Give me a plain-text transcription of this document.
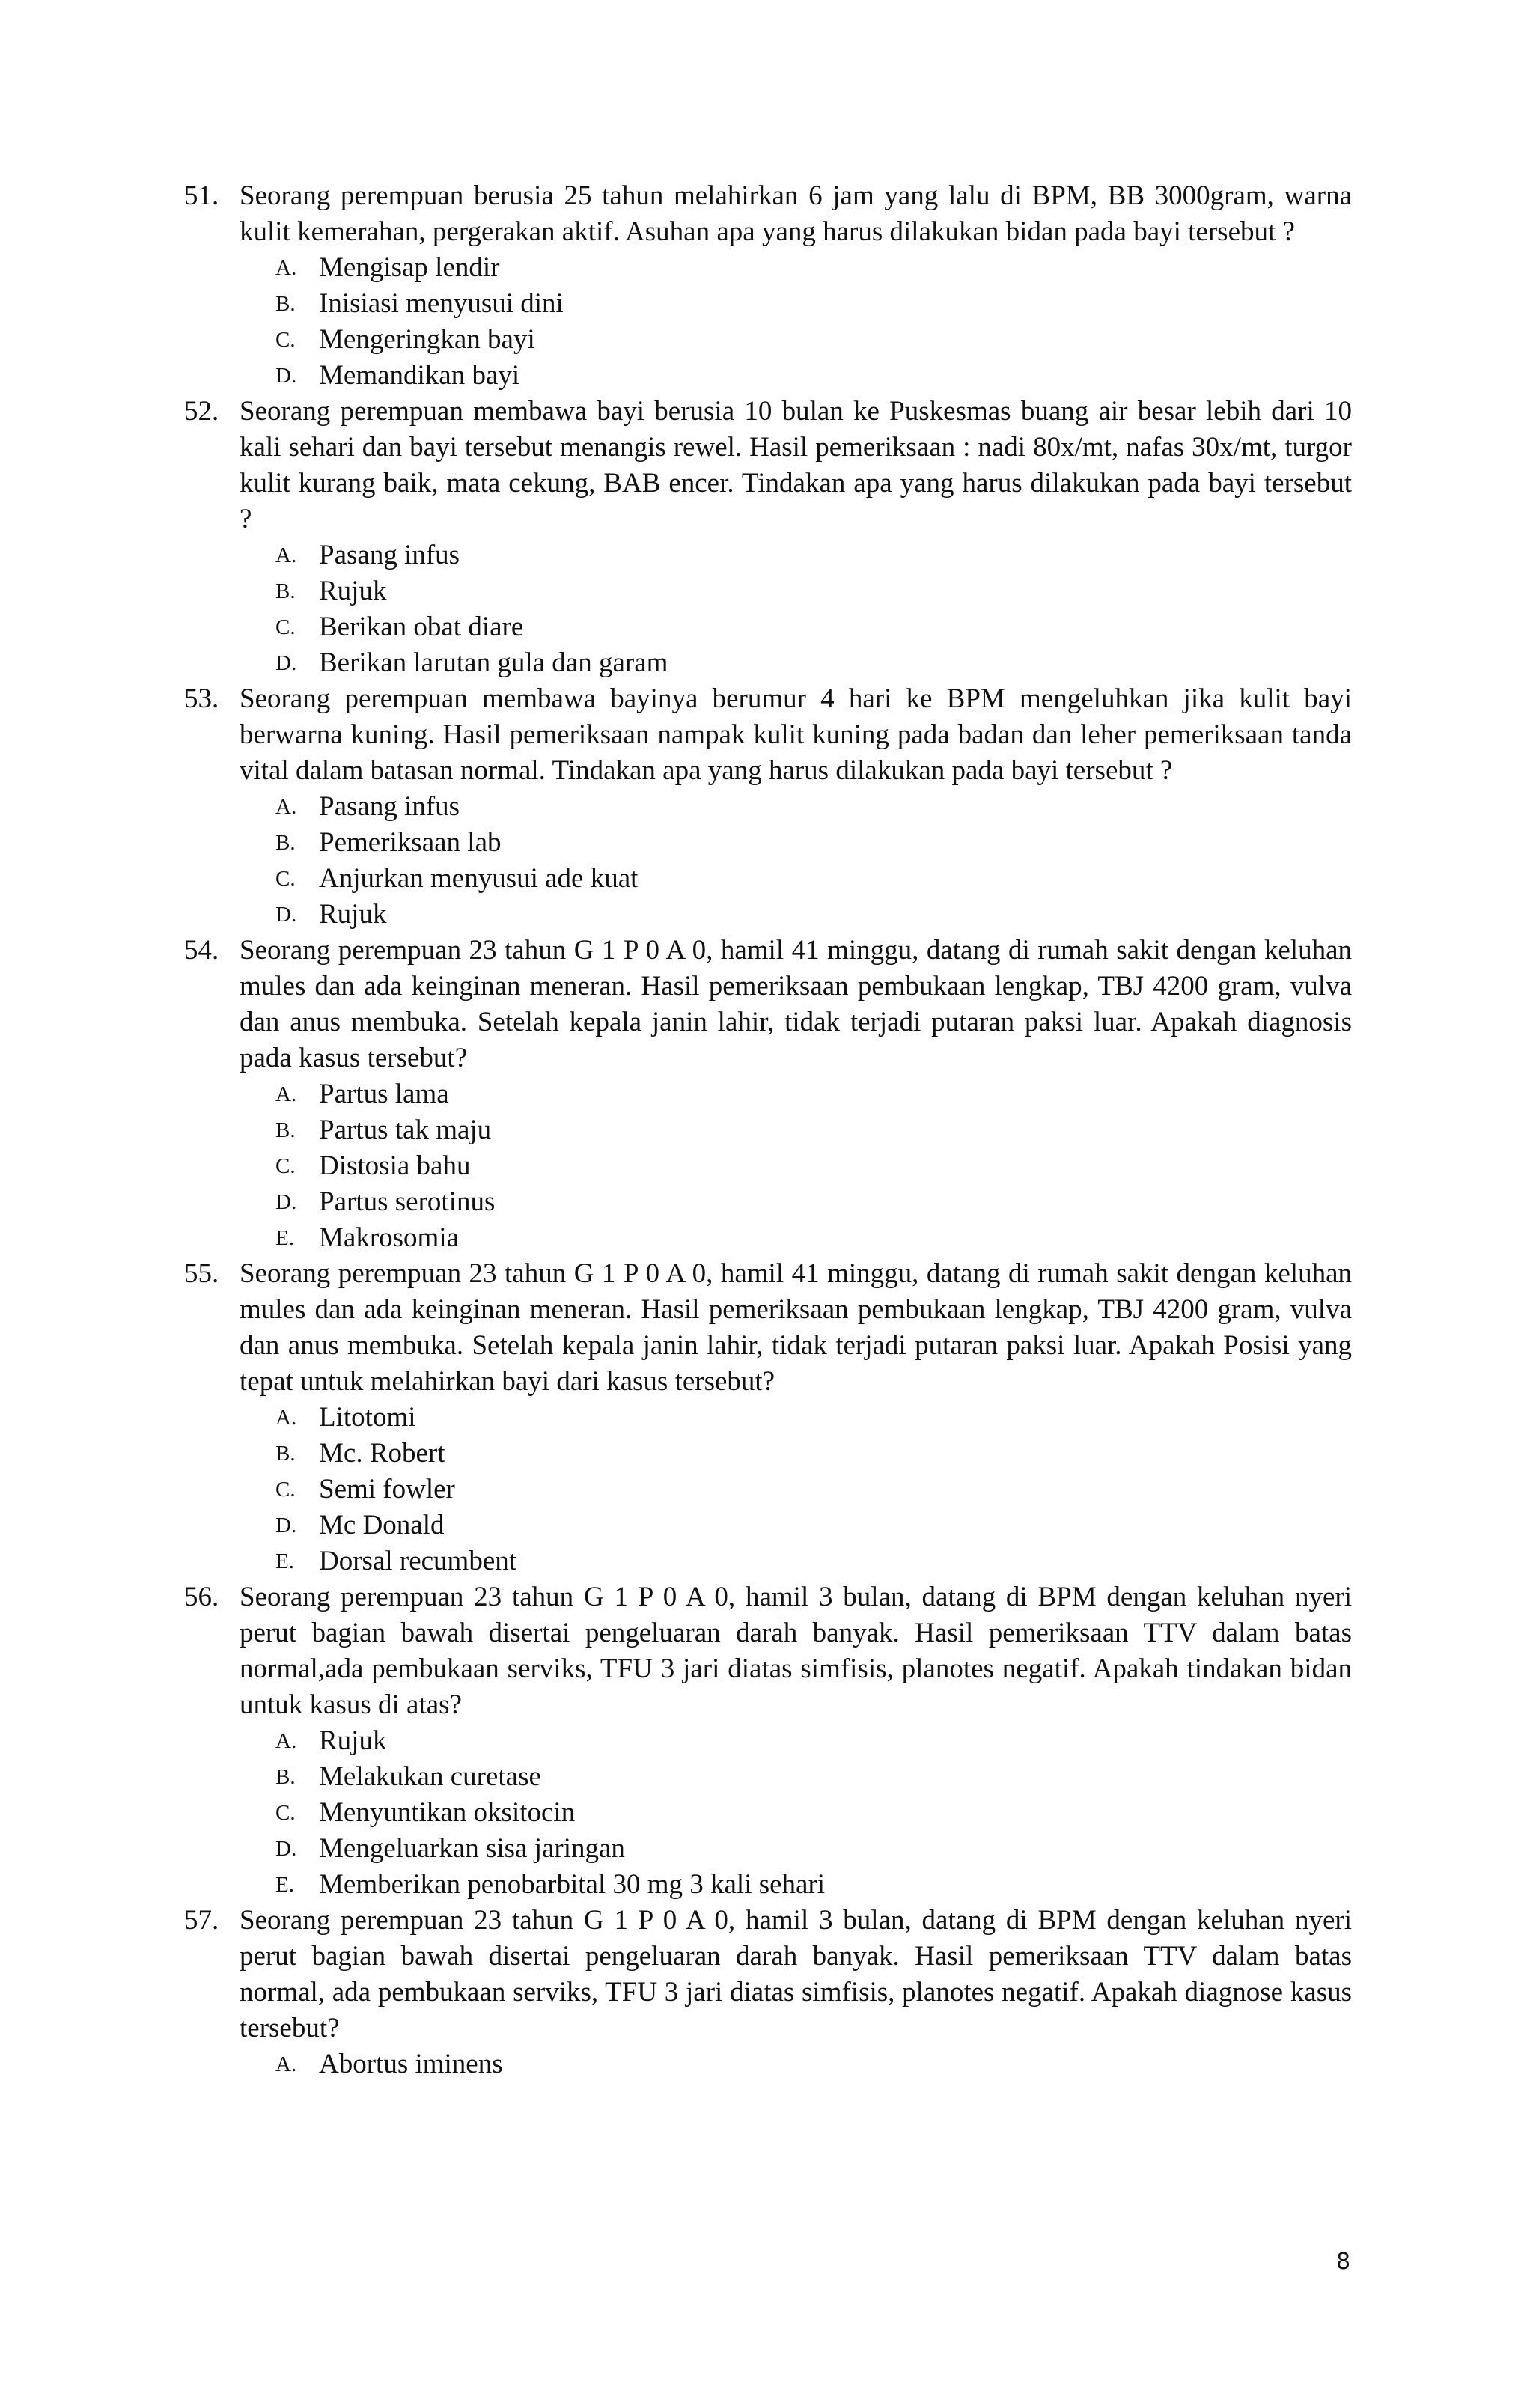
51. Seorang perempuan berusia 25 tahun melahirkan 6 jam yang lalu di BPM, BB 3000gram, warna kulit kemerahan, pergerakan aktif. Asuhan apa yang harus dilakukan bidan pada bayi tersebut ?
A. Mengisap lendir
B. Inisiasi menyusui dini
C. Mengeringkan bayi
D. Memandikan bayi
52. Seorang perempuan membawa bayi berusia 10 bulan ke Puskesmas buang air besar lebih dari 10 kali sehari dan bayi tersebut menangis rewel. Hasil pemeriksaan : nadi 80x/mt, nafas 30x/mt, turgor kulit kurang baik, mata cekung, BAB encer. Tindakan apa yang harus dilakukan pada bayi tersebut ?
A. Pasang infus
B. Rujuk
C. Berikan obat diare
D. Berikan larutan gula dan garam
53. Seorang perempuan membawa bayinya berumur 4 hari ke BPM mengeluhkan jika kulit bayi berwarna kuning. Hasil pemeriksaan nampak kulit kuning pada badan dan leher pemeriksaan tanda vital dalam batasan normal. Tindakan apa yang harus dilakukan pada bayi tersebut ?
A. Pasang infus
B. Pemeriksaan lab
C. Anjurkan menyusui ade kuat
D. Rujuk
54. Seorang perempuan 23 tahun G 1 P 0 A 0, hamil 41 minggu, datang di rumah sakit dengan keluhan mules dan ada keinginan meneran. Hasil pemeriksaan pembukaan lengkap, TBJ 4200 gram, vulva dan anus membuka. Setelah kepala janin lahir, tidak terjadi putaran paksi luar. Apakah diagnosis pada kasus tersebut?
A. Partus lama
B. Partus tak maju
C. Distosia bahu
D. Partus serotinus
E. Makrosomia
55. Seorang perempuan 23 tahun G 1 P 0 A 0, hamil 41 minggu, datang di rumah sakit dengan keluhan mules dan ada keinginan meneran. Hasil pemeriksaan pembukaan lengkap, TBJ 4200 gram, vulva dan anus membuka. Setelah kepala janin lahir, tidak terjadi putaran paksi luar. Apakah Posisi yang tepat untuk melahirkan bayi dari kasus tersebut?
A. Litotomi
B. Mc. Robert
C. Semi fowler
D. Mc Donald
E. Dorsal recumbent
56. Seorang perempuan 23 tahun G 1 P 0 A 0, hamil 3 bulan, datang di BPM dengan keluhan nyeri perut bagian bawah disertai pengeluaran darah banyak. Hasil pemeriksaan TTV dalam batas normal,ada pembukaan serviks, TFU 3 jari diatas simfisis, planotes negatif. Apakah tindakan bidan untuk kasus di atas?
A. Rujuk
B. Melakukan curetase
C. Menyuntikan oksitocin
D. Mengeluarkan sisa jaringan
E. Memberikan penobarbital 30 mg 3 kali sehari
57. Seorang perempuan 23 tahun G 1 P 0 A 0, hamil 3 bulan, datang di BPM dengan keluhan nyeri perut bagian bawah disertai pengeluaran darah banyak. Hasil pemeriksaan TTV dalam batas normal, ada pembukaan serviks, TFU 3 jari diatas simfisis, planotes negatif. Apakah diagnose kasus tersebut?
A. Abortus iminens
8
